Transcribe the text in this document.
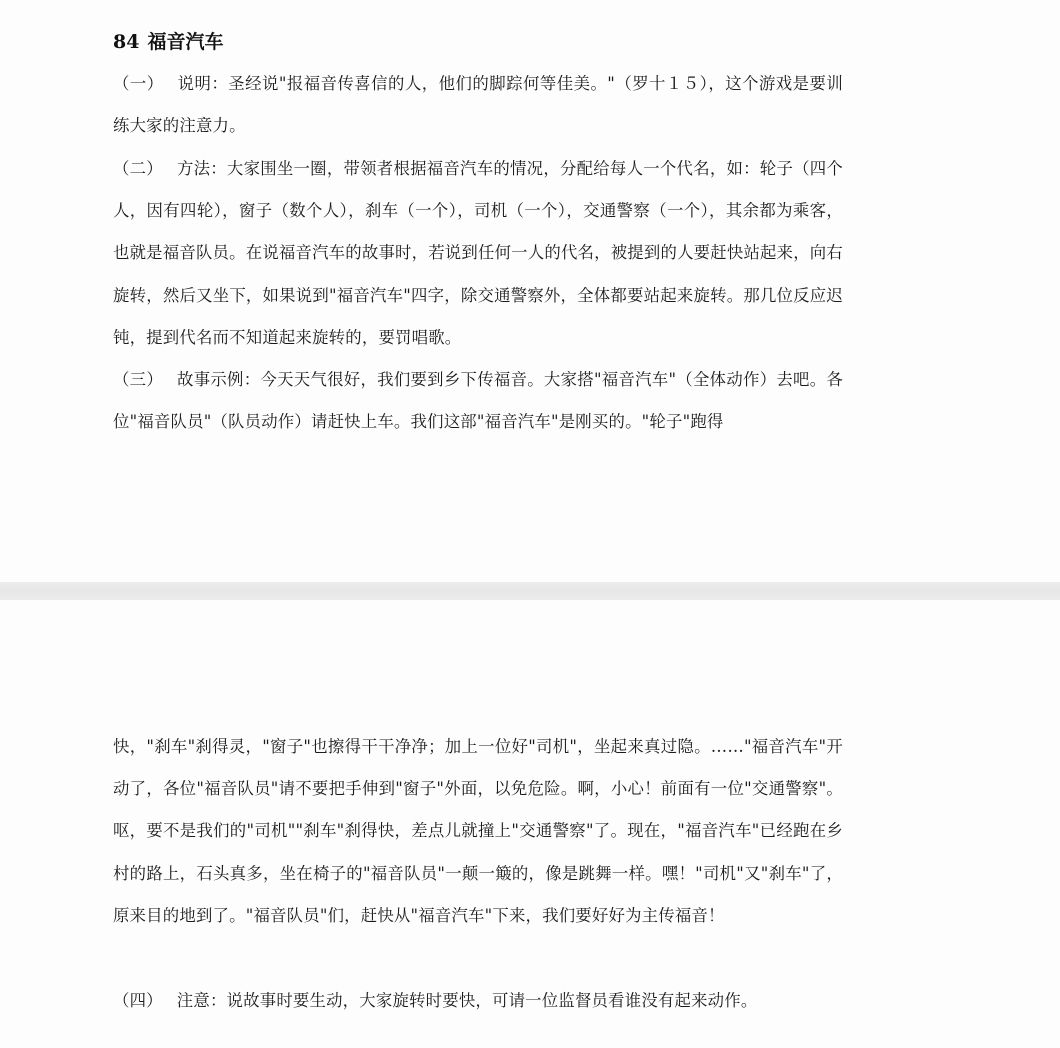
84 福音汽车

（一） 说明：圣经说"报福音传喜信的人，他们的脚踪何等佳美。"（罗十１５），这个游戏是要训练大家的注意力。

（二） 方法：大家围坐一圈，带领者根据福音汽车的情况，分配给每人一个代名，如：轮子（四个人，因有四轮），窗子（数个人），刹车（一个），司机（一个），交通警察（一个），其余都为乘客，也就是福音队员。在说福音汽车的故事时，若说到任何一人的代名，被提到的人要赶快站起来，向右旋转，然后又坐下，如果说到"福音汽车"四字，除交通警察外，全体都要站起来旋转。那几位反应迟钝，提到代名而不知道起来旋转的，要罚唱歌。

（三） 故事示例：今天天气很好，我们要到乡下传福音。大家搭"福音汽车"（全体动作）去吧。各位"福音队员"（队员动作）请赶快上车。我们这部"福音汽车"是刚买的。"轮子"跑得

快，"刹车"刹得灵，"窗子"也擦得干干净净；加上一位好"司机"，坐起来真过隐。……"福音汽车"开动了，各位"福音队员"请不要把手伸到"窗子"外面，以免危险。啊，小心！前面有一位"交通警察"。呕，要不是我们的"司机""刹车"刹得快，差点儿就撞上"交通警察"了。现在，"福音汽车"已经跑在乡村的路上，石头真多，坐在椅子的"福音队员"一颠一簸的，像是跳舞一样。嘿！"司机"又"刹车"了，原来目的地到了。"福音队员"们，赶快从"福音汽车"下来，我们要好好为主传福音！

（四） 注意：说故事时要生动，大家旋转时要快，可请一位监督员看谁没有起来动作。
